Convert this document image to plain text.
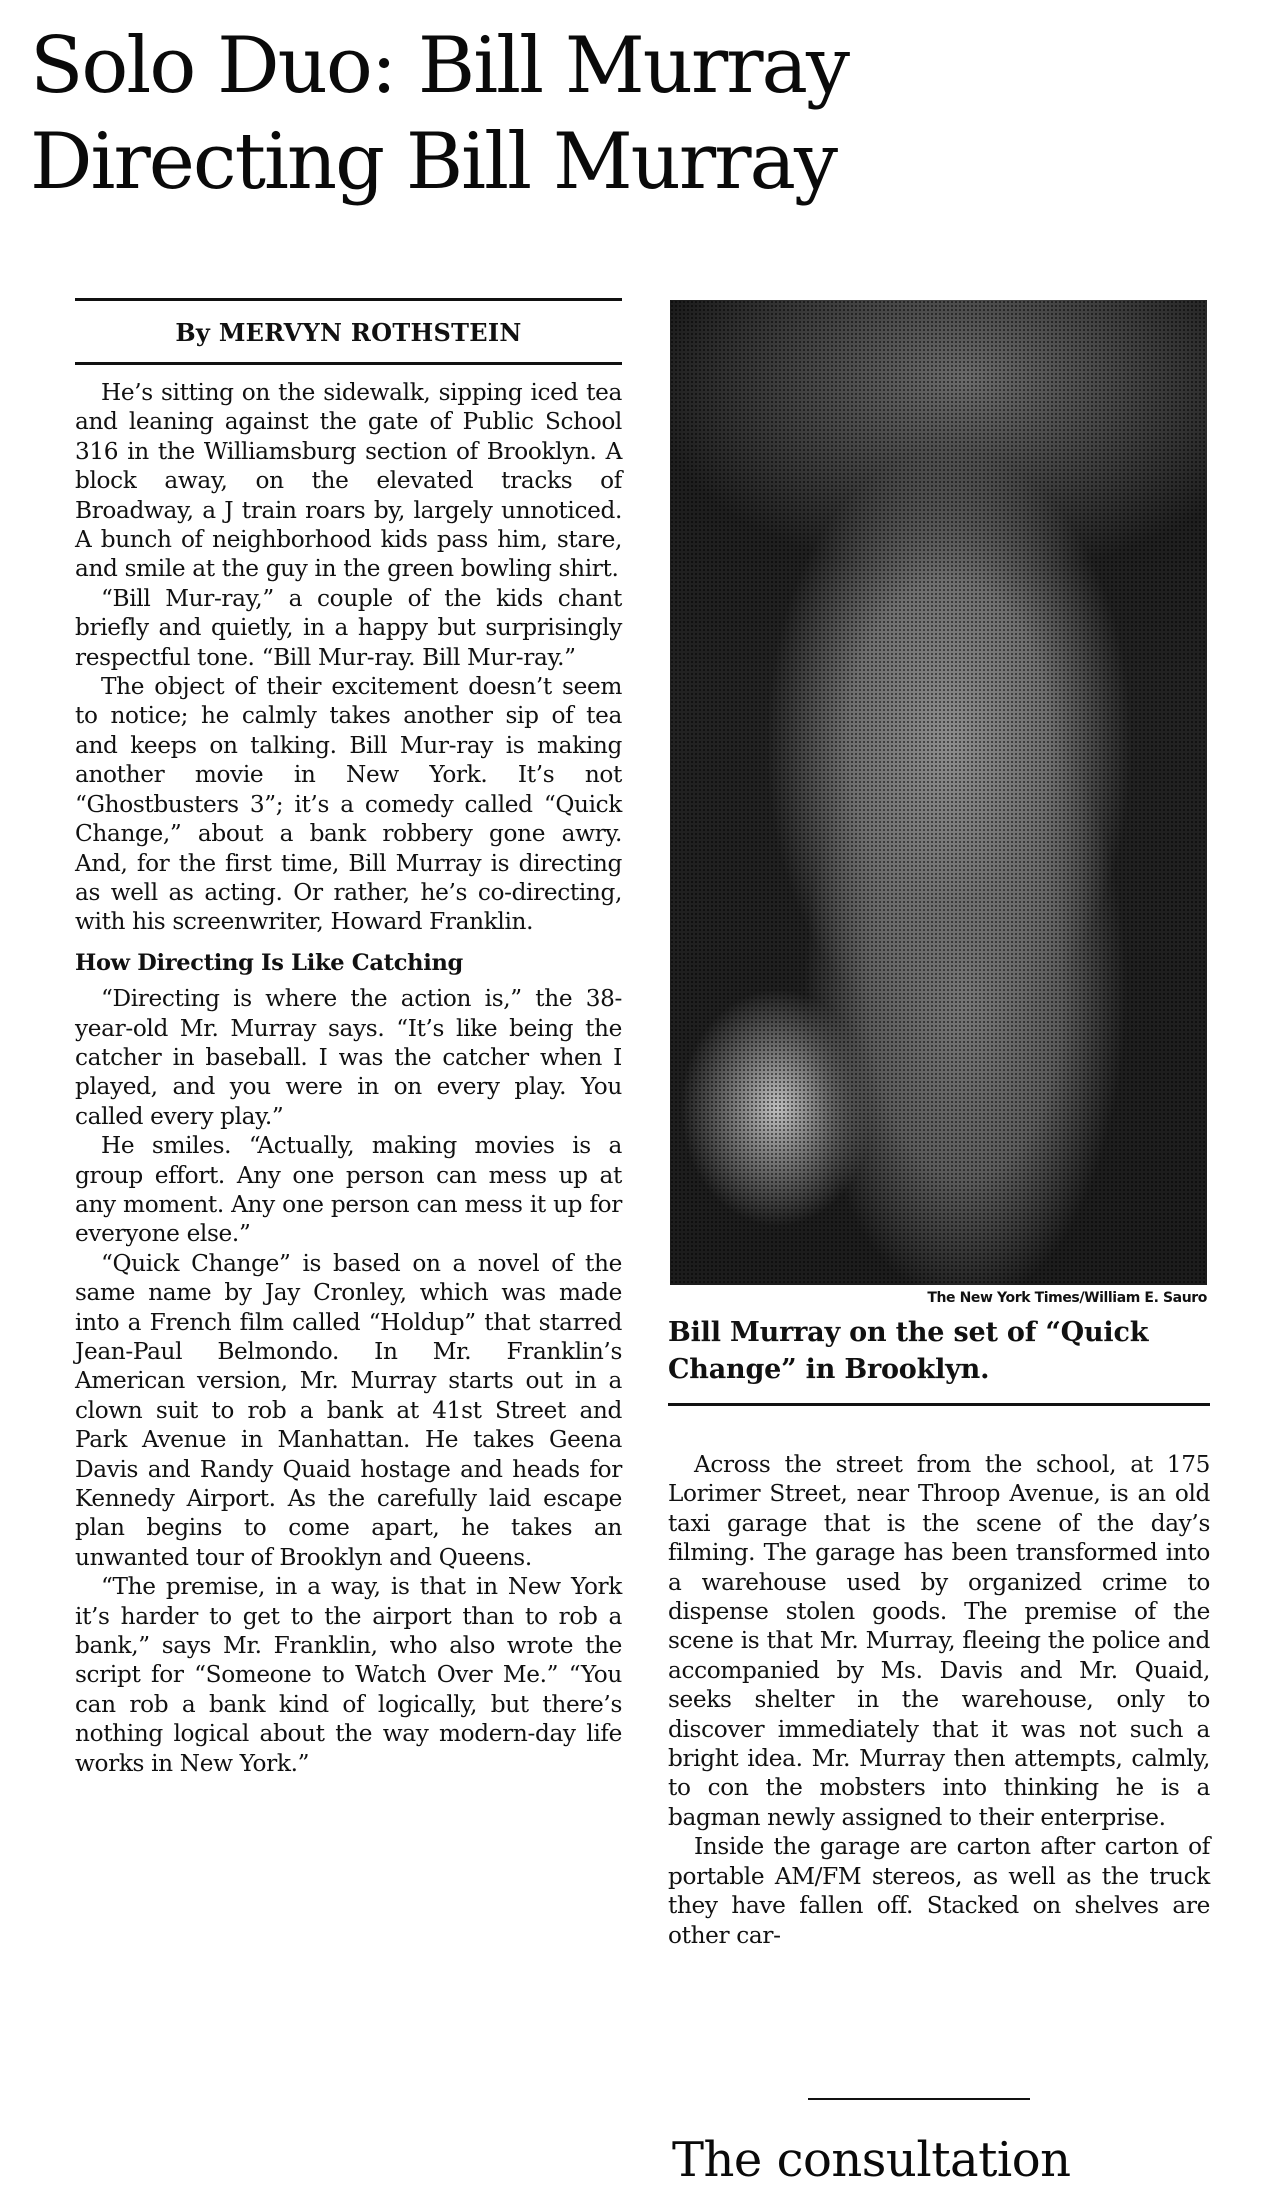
Solo Duo: Bill Murray
Directing Bill Murray
By MERVYN ROTHSTEIN

He’s sitting on the sidewalk, sipping iced tea and leaning against the gate of Public School 316 in the Williamsburg section of Brooklyn. A block away, on the elevated tracks of Broadway, a J train roars by, largely unnoticed. A bunch of neighborhood kids pass him, stare, and smile at the guy in the green bowling shirt.

“Bill Mur-ray,” a couple of the kids chant briefly and quietly, in a happy but surprisingly respectful tone. “Bill Mur-ray. Bill Mur-ray.”

The object of their excitement doesn’t seem to notice; he calmly takes another sip of tea and keeps on talking. Bill Mur-ray is making another movie in New York. It’s not “Ghostbusters 3”; it’s a comedy called “Quick Change,” about a bank robbery gone awry. And, for the first time, Bill Murray is directing as well as acting. Or rather, he’s co-directing, with his screenwriter, Howard Franklin.

How Directing Is Like Catching

“Directing is where the action is,” the 38-year-old Mr. Murray says. “It’s like being the catcher in baseball. I was the catcher when I played, and you were in on every play. You called every play.”

He smiles. “Actually, making movies is a group effort. Any one person can mess up at any moment. Any one person can mess it up for everyone else.”

“Quick Change” is based on a novel of the same name by Jay Cronley, which was made into a French film called “Holdup” that starred Jean-Paul Belmondo. In Mr. Franklin’s American version, Mr. Murray starts out in a clown suit to rob a bank at 41st Street and Park Avenue in Manhattan. He takes Geena Davis and Randy Quaid hostage and heads for Kennedy Airport. As the carefully laid escape plan begins to come apart, he takes an unwanted tour of Brooklyn and Queens.

“The premise, in a way, is that in New York it’s harder to get to the airport than to rob a bank,” says Mr. Franklin, who also wrote the script for “Someone to Watch Over Me.” “You can rob a bank kind of logically, but there’s nothing logical about the way modern-day life works in New York.”

The New York Times/William E. Sauro
Bill Murray on the set of “Quick Change” in Brooklyn.

Across the street from the school, at 175 Lorimer Street, near Throop Avenue, is an old taxi garage that is the scene of the day’s filming. The garage has been transformed into a warehouse used by organized crime to dispense stolen goods. The premise of the scene is that Mr. Murray, fleeing the police and accompanied by Ms. Davis and Mr. Quaid, seeks shelter in the warehouse, only to discover immediately that it was not such a bright idea. Mr. Murray then attempts, calmly, to con the mobsters into thinking he is a bagman newly assigned to their enterprise.

Inside the garage are carton after carton of portable AM/FM stereos, as well as the truck they have fallen off. Stacked on shelves are other car-

The consultation
